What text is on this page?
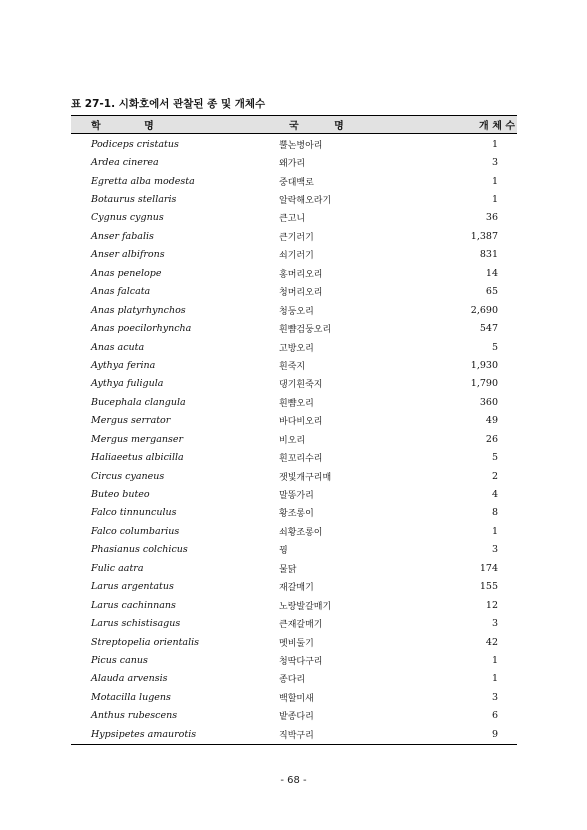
표 27-1. 시화호에서 관찰된 종 및 개체수
학 명	국 명	개 체 수
Podiceps cristatus	뿔논병아리	1
Ardea cinerea	왜가리	3
Egretta alba modesta	중대백로	1
Botaurus stellaris	알락해오라기	1
Cygnus cygnus	큰고니	36
Anser fabalis	큰기러기	1,387
Anser albifrons	쇠기러기	831
Anas penelope	홍머리오리	14
Anas falcata	청머리오리	65
Anas platyrhynchos	청둥오리	2,690
Anas poecilorhyncha	흰뺨검둥오리	547
Anas acuta	고방오리	5
Aythya ferina	흰죽지	1,930
Aythya fuligula	댕기흰죽지	1,790
Bucephala clangula	흰뺨오리	360
Mergus serrator	바다비오리	49
Mergus merganser	비오리	26
Haliaeetus albicilla	흰꼬리수리	5
Circus cyaneus	잿빛개구리매	2
Buteo buteo	말똥가리	4
Falco tinnunculus	황조롱이	8
Falco columbarius	쇠황조롱이	1
Phasianus colchicus	꿩	3
Fulic aatra	물닭	174
Larus argentatus	재갈매기	155
Larus cachinnans	노랑발갈매기	12
Larus schistisagus	큰재갈매기	3
Streptopelia orientalis	멧비둘기	42
Picus canus	청딱다구리	1
Alauda arvensis	종다리	1
Motacilla lugens	백할미새	3
Anthus rubescens	밭종다리	6
Hypsipetes amaurotis	직박구리	9
- 68 -
